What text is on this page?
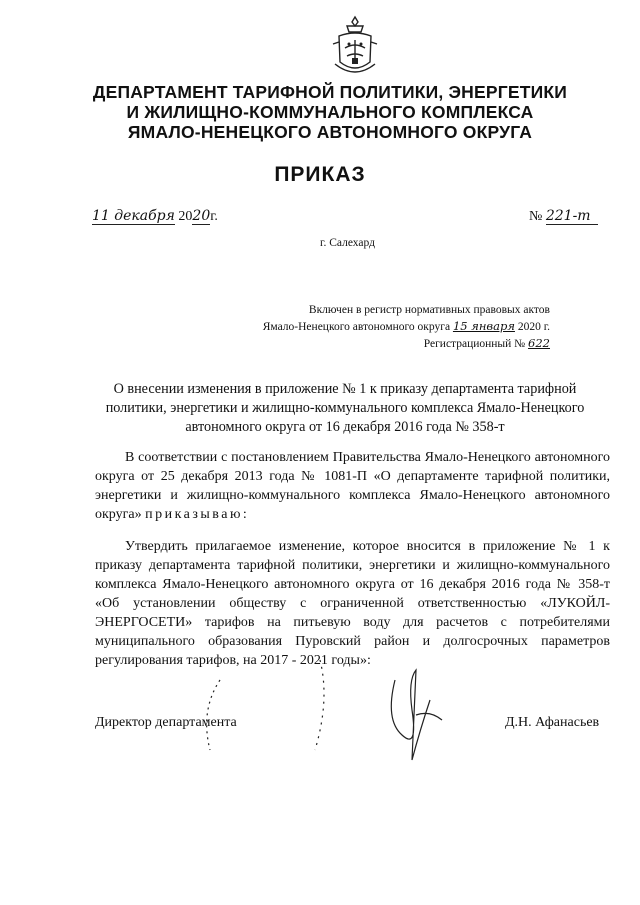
ДЕПАРТАМЕНТ ТАРИФНОЙ ПОЛИТИКИ, ЭНЕРГЕТИКИ
И ЖИЛИЩНО-КОММУНАЛЬНОГО КОМПЛЕКСА
ЯМАЛО-НЕНЕЦКОГО АВТОНОМНОГО ОКРУГА
ПРИКАЗ
11 декабря 2020г.	№ 221-т
г. Салехард
Включен в регистр нормативных правовых актов
Ямало-Ненецкого автономного округа 15 января 2020 г.
Регистрационный № 622
О внесении изменения в приложение № 1 к приказу департамента тарифной политики, энергетики и жилищно-коммунального комплекса Ямало-Ненецкого автономного округа от 16 декабря 2016 года № 358-т
В соответствии с постановлением Правительства Ямало-Ненецкого автономного округа от 25 декабря 2013 года № 1081-П «О департаменте тарифной политики, энергетики и жилищно-коммунального комплекса Ямало-Ненецкого автономного округа» приказываю:
Утвердить прилагаемое изменение, которое вносится в приложение № 1 к приказу департамента тарифной политики, энергетики и жилищно-коммунального комплекса Ямало-Ненецкого автономного округа от 16 декабря 2016 года № 358-т «Об установлении обществу с ограниченной ответственностью «ЛУКОЙЛ-ЭНЕРГОСЕТИ» тарифов на питьевую воду для расчетов с потребителями муниципального образования Пуровский район и долгосрочных параметров регулирования тарифов, на 2017 - 2021 годы»:
Директор департамента	Д.Н. Афанасьев
